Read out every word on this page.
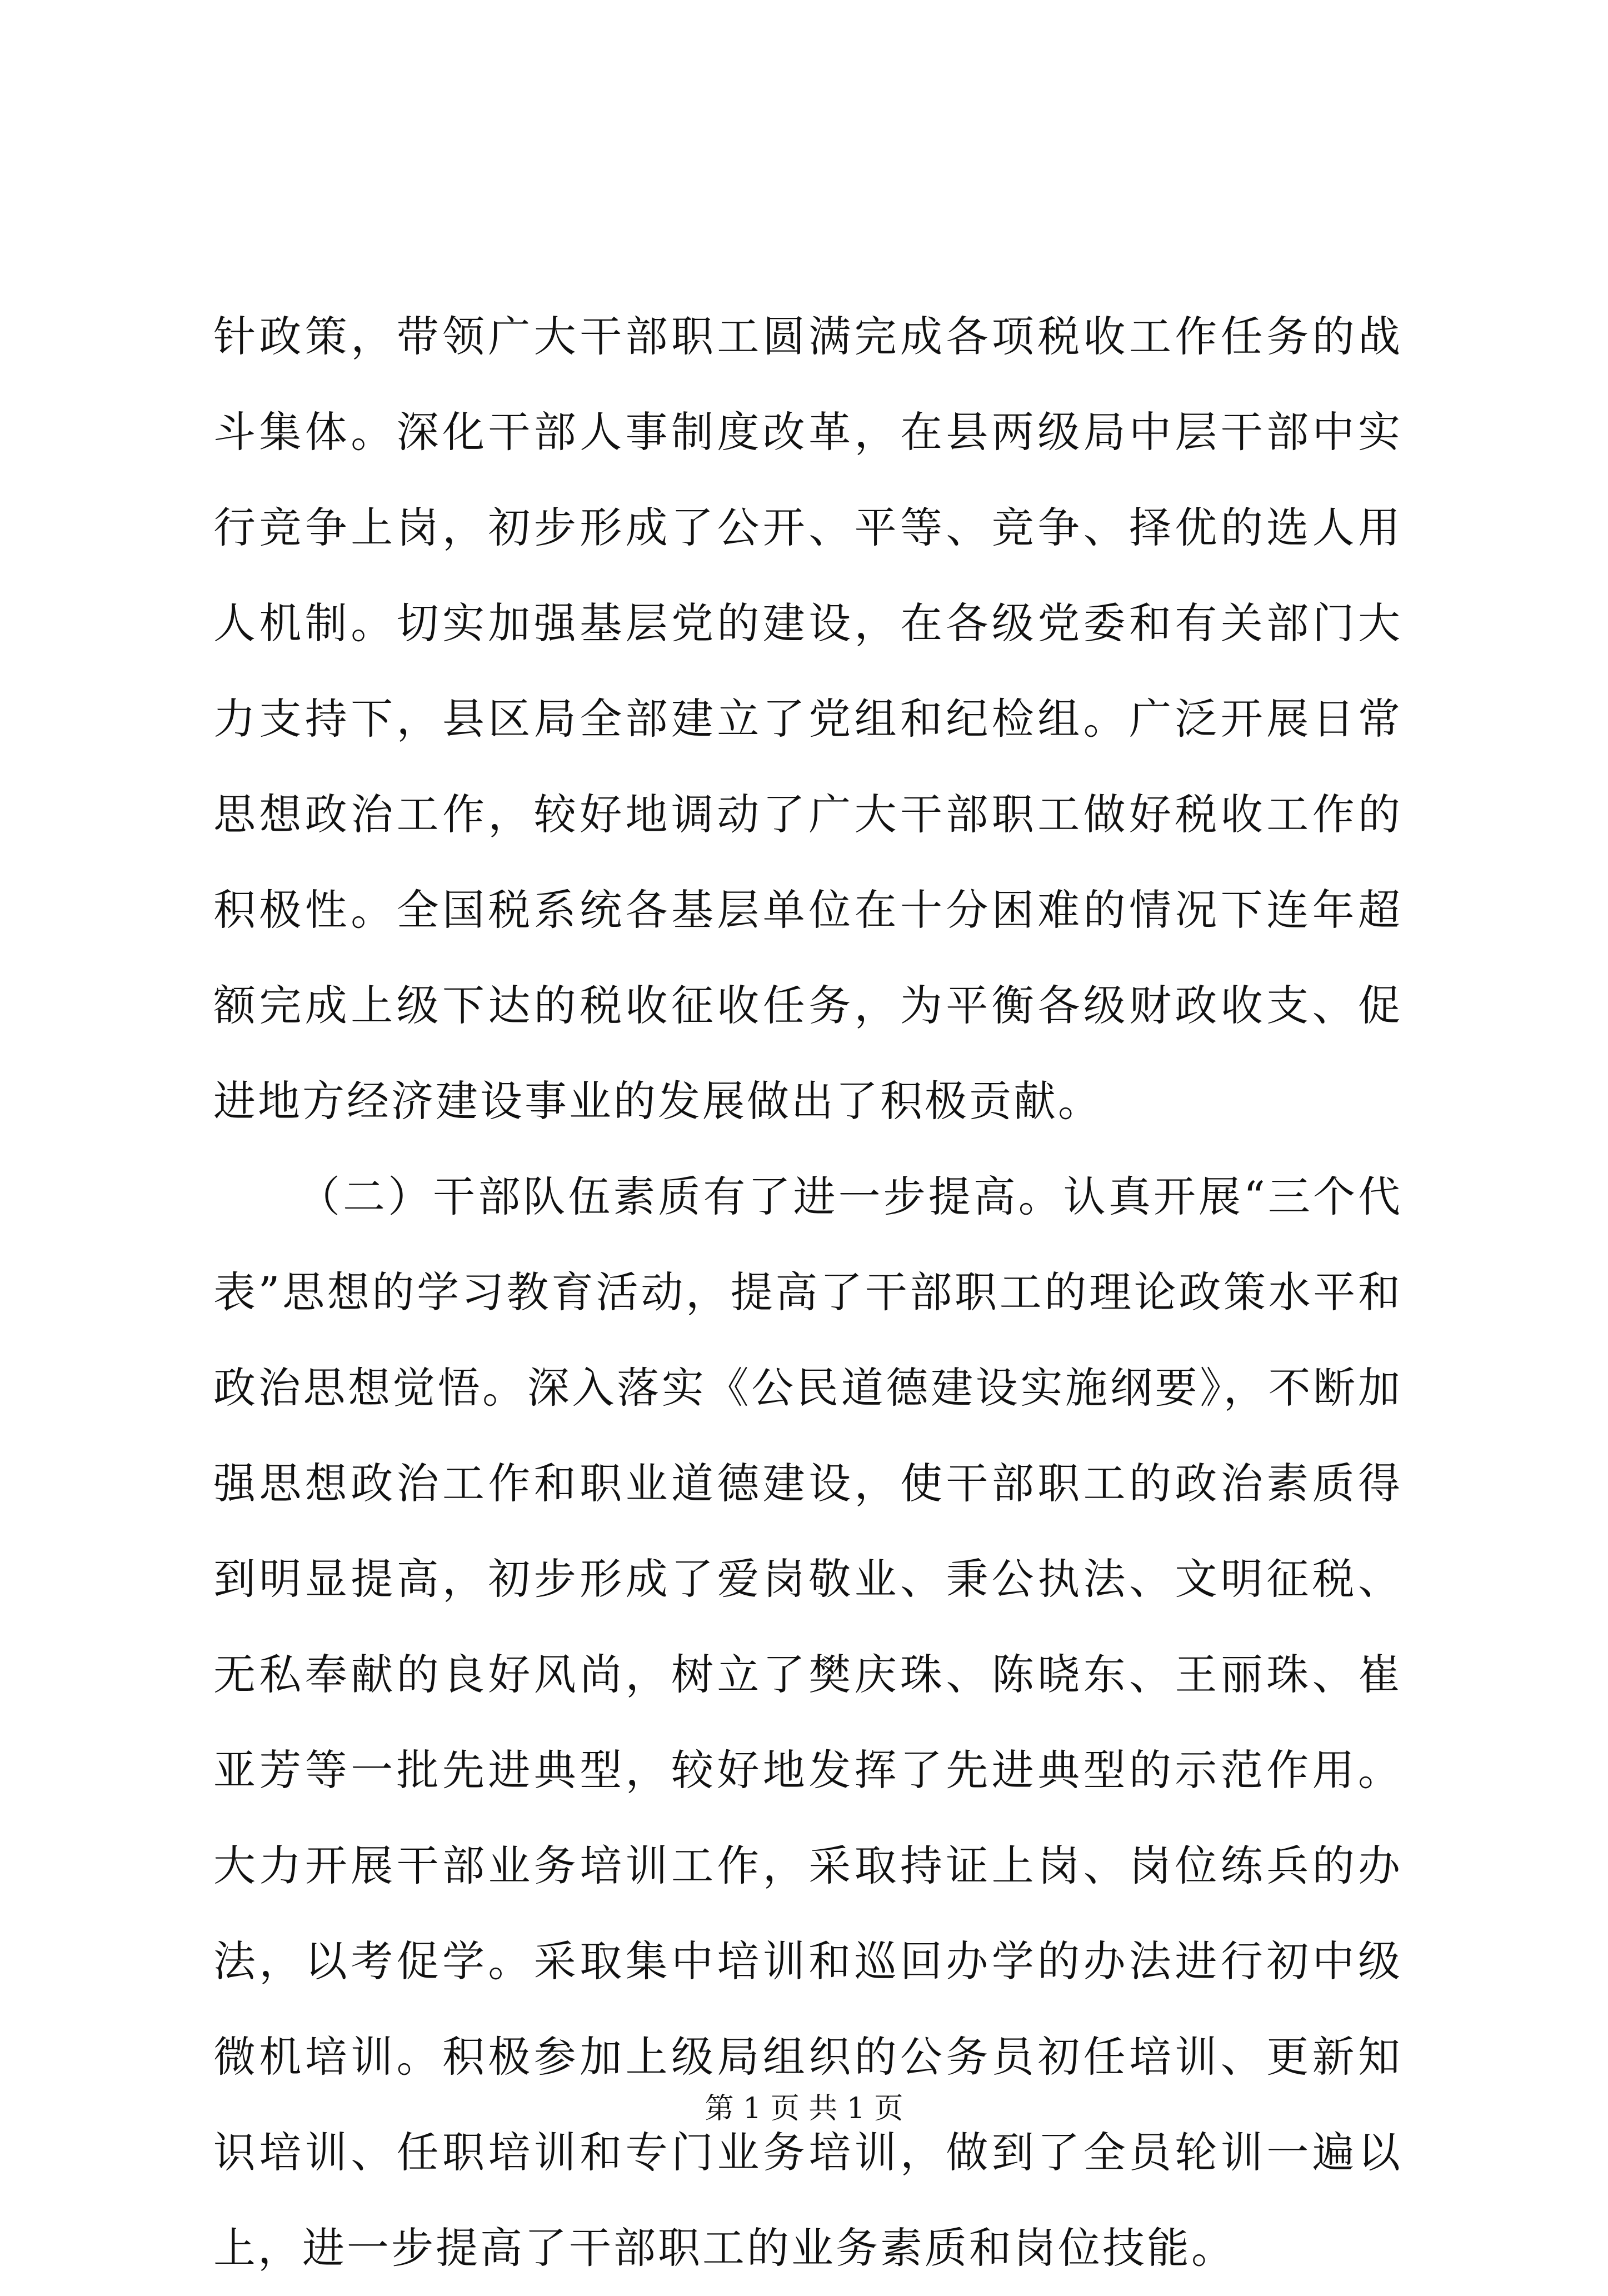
针政策，带领广大干部职工圆满完成各项税收工作任务的战斗集体。深化干部人事制度改革，在县两级局中层干部中实行竞争上岗，初步形成了公开、平等、竞争、择优的选人用人机制。切实加强基层党的建设，在各级党委和有关部门大力支持下，县区局全部建立了党组和纪检组。广泛开展日常思想政治工作，较好地调动了广大干部职工做好税收工作的积极性。全国税系统各基层单位在十分困难的情况下连年超额完成上级下达的税收征收任务，为平衡各级财政收支、促进地方经济建设事业的发展做出了积极贡献。

（二）干部队伍素质有了进一步提高。认真开展“三个代表”思想的学习教育活动，提高了干部职工的理论政策水平和政治思想觉悟。深入落实《公民道德建设实施纲要》，不断加强思想政治工作和职业道德建设，使干部职工的政治素质得到明显提高，初步形成了爱岗敬业、秉公执法、文明征税、无私奉献的良好风尚，树立了樊庆珠、陈晓东、王丽珠、崔亚芳等一批先进典型，较好地发挥了先进典型的示范作用。大力开展干部业务培训工作，采取持证上岗、岗位练兵的办法，以考促学。采取集中培训和巡回办学的办法进行初中级微机培训。积极参加上级局组织的公务员初任培训、更新知识培训、任职培训和专门业务培训，做到了全员轮训一遍以上，进一步提高了干部职工的业务素质和岗位技能。

第 1 页 共 1 页
